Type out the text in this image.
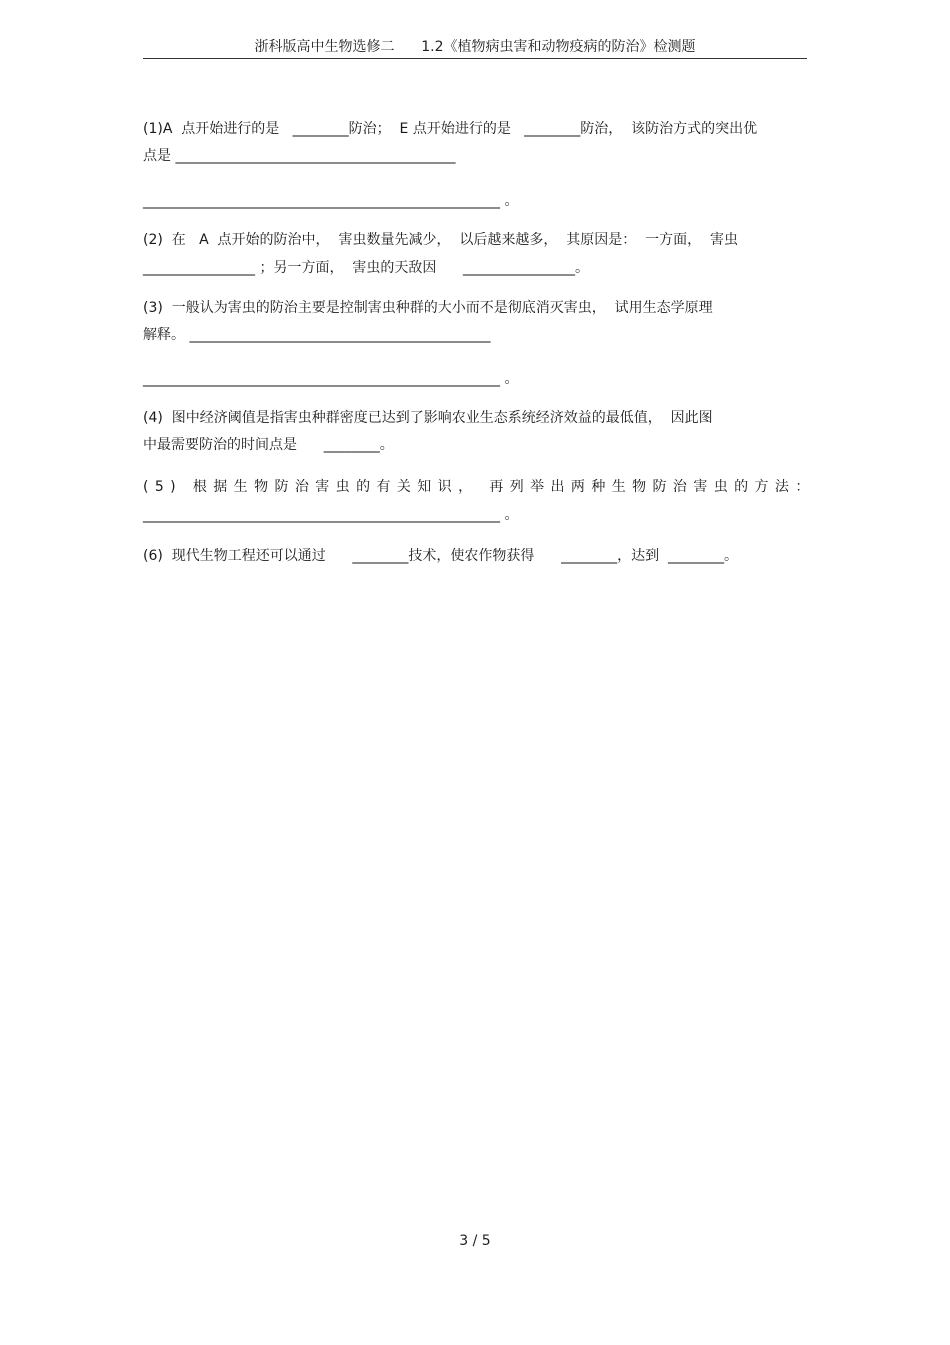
浙科版高中生物选修二      1.2《植物病虫害和动物疫病的防治》检测题
(1)A  点开始进行的是   ________防治；  E 点开始进行的是   ________防治，  该防治方式的突出优
点是 ________________________________________
___________________________________________________ 。
(2)  在   A  点开始的防治中，  害虫数量先减少，  以后越来越多，  其原因是：  一方面，  害虫
________________ ；另一方面，  害虫的天敌因      ________________。
(3)  一般认为害虫的防治主要是控制害虫种群的大小而不是彻底消灭害虫，  试用生态学原理
解释。 ___________________________________________
___________________________________________________ 。
(4)  图中经济阈值是指害虫种群密度已达到了影响农业生态系统经济效益的最低值，  因此图
中最需要防治的时间点是      ________。
(5) 根据生物防治害虫的有关知识， 再列举出两种生物防治害虫的方法：
___________________________________________________ 。
(6)  现代生物工程还可以通过      ________技术，使农作物获得      ________，达到  ________。
3 / 5
